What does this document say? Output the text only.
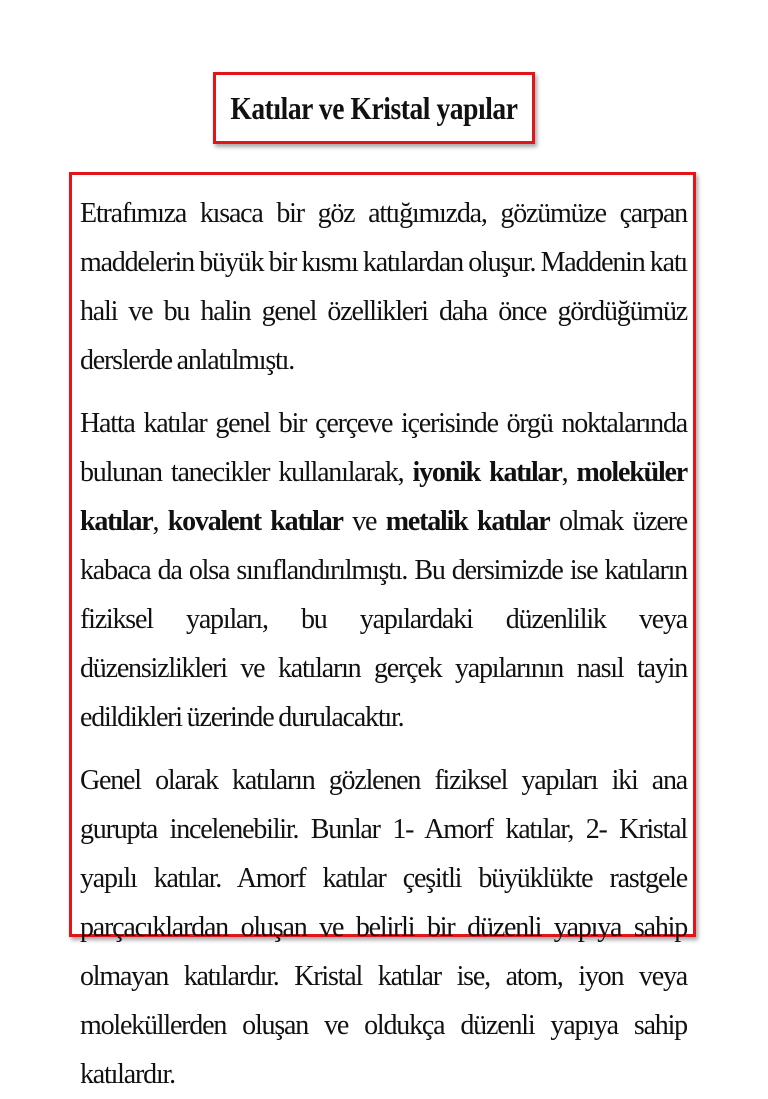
Katılar ve Kristal yapılar

Etrafımıza kısaca bir göz attığımızda, gözümüze çarpan maddelerin büyük bir kısmı katılardan oluşur. Maddenin katı hali ve bu halin genel özellikleri daha önce gördüğümüz derslerde anlatılmıştı.

Hatta katılar genel bir çerçeve içerisinde örgü noktalarında bulunan tanecikler kullanılarak, iyonik katılar, moleküler katılar, kovalent katılar ve metalik katılar olmak üzere kabaca da olsa sınıflandırılmıştı. Bu dersimizde ise katıların fiziksel yapıları, bu yapılardaki düzenlilik veya düzensizlikleri ve katıların gerçek yapılarının nasıl tayin edildikleri üzerinde durulacaktır.

Genel olarak katıların gözlenen fiziksel yapıları iki ana gurupta incelenebilir. Bunlar 1- Amorf katılar, 2- Kristal yapılı katılar. Amorf katılar çeşitli büyüklükte rastgele parçacıklardan oluşan ve belirli bir düzenli yapıya sahip olmayan katılardır. Kristal katılar ise, atom, iyon veya moleküllerden oluşan ve oldukça düzenli yapıya sahip katılardır.
